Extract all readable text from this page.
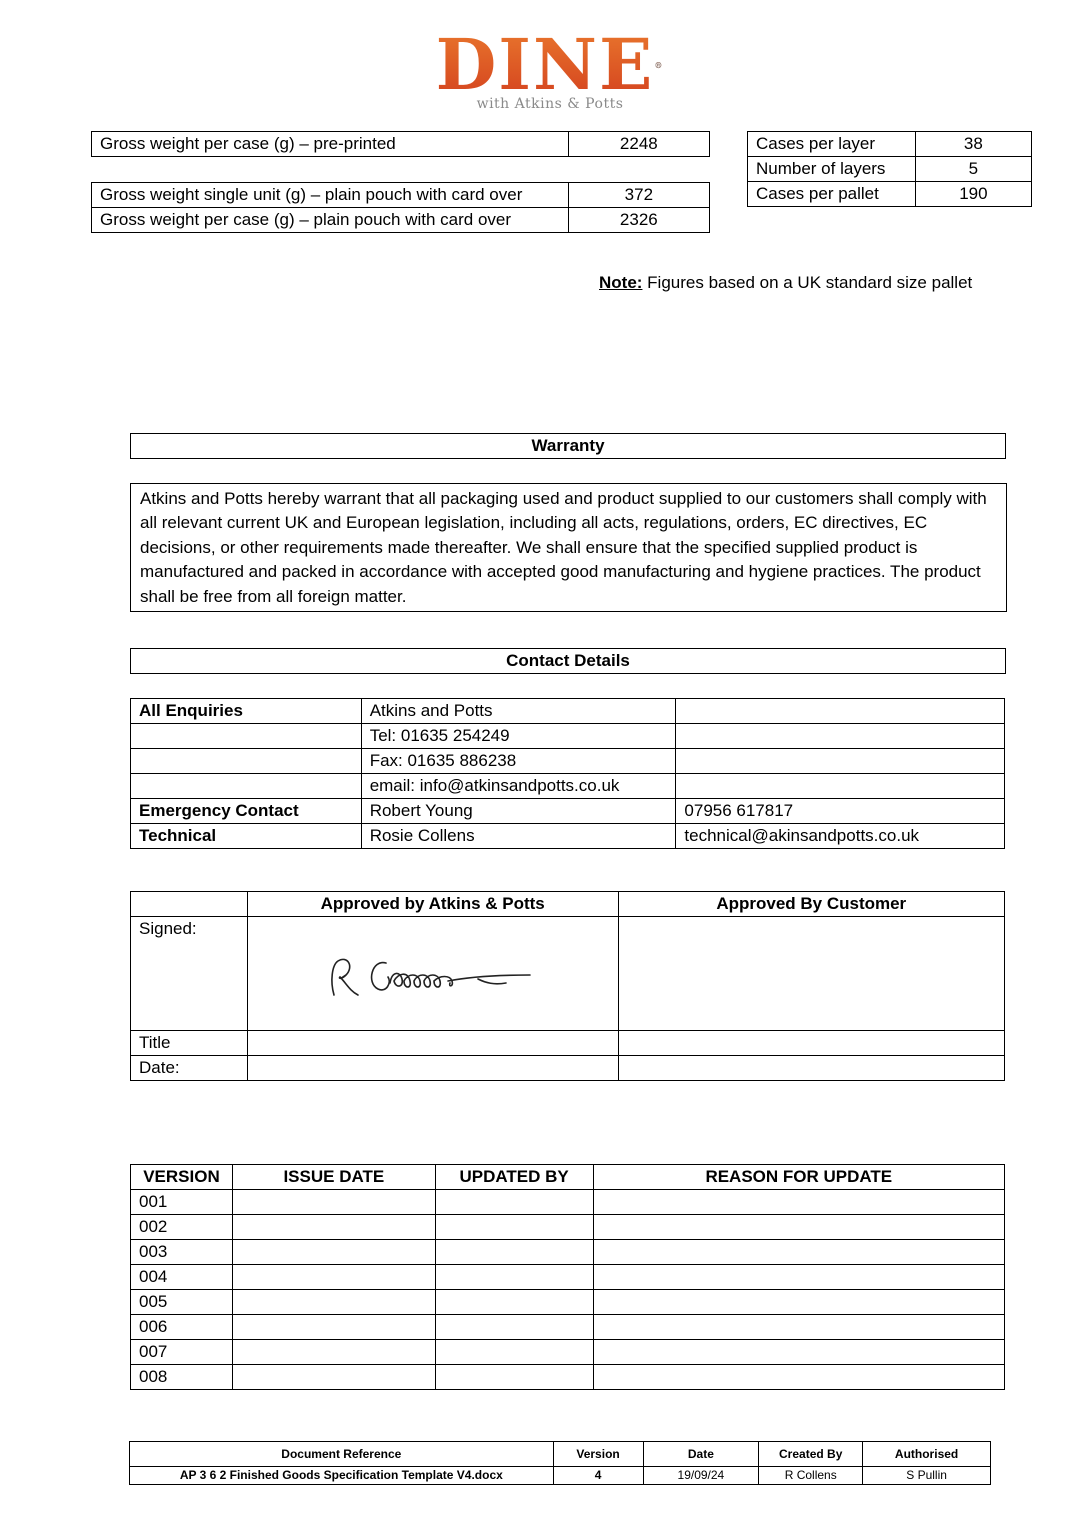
DINE®
with Atkins & Potts
Gross weight per case (g) – pre-printed	2248

Gross weight single unit (g) – plain pouch with card over	372
Gross weight per case (g) – plain pouch with card over	2326
Cases per layer	38
Number of layers	5
Cases per pallet	190
Note: Figures based on a UK standard size pallet
Warranty
Atkins and Potts hereby warrant that all packaging used and product supplied to our customers shall comply with all relevant current UK and European legislation, including all acts, regulations, orders, EC directives, EC decisions, or other requirements made thereafter. We shall ensure that the specified supplied product is manufactured and packed in accordance with accepted good manufacturing and hygiene practices. The product shall be free from all foreign matter.
Contact Details
All Enquiries	Atkins and Potts	
	Tel: 01635 254249	
	Fax: 01635 886238	
	email: info@atkinsandpotts.co.uk	
Emergency Contact	Robert Young	07956 617817
Technical	Rosie Collens	technical@akinsandpotts.co.uk
	Approved by Atkins & Potts	Approved By Customer
Signed:	

Title		
Date:		
VERSION	ISSUE DATE	UPDATED BY	REASON FOR UPDATE
001			
002			
003			
004			
005			
006			
007			
008			
Document Reference	Version	Date	Created By	Authorised
AP 3 6 2 Finished Goods Specification Template V4.docx	4	19/09/24	R Collens	S Pullin
